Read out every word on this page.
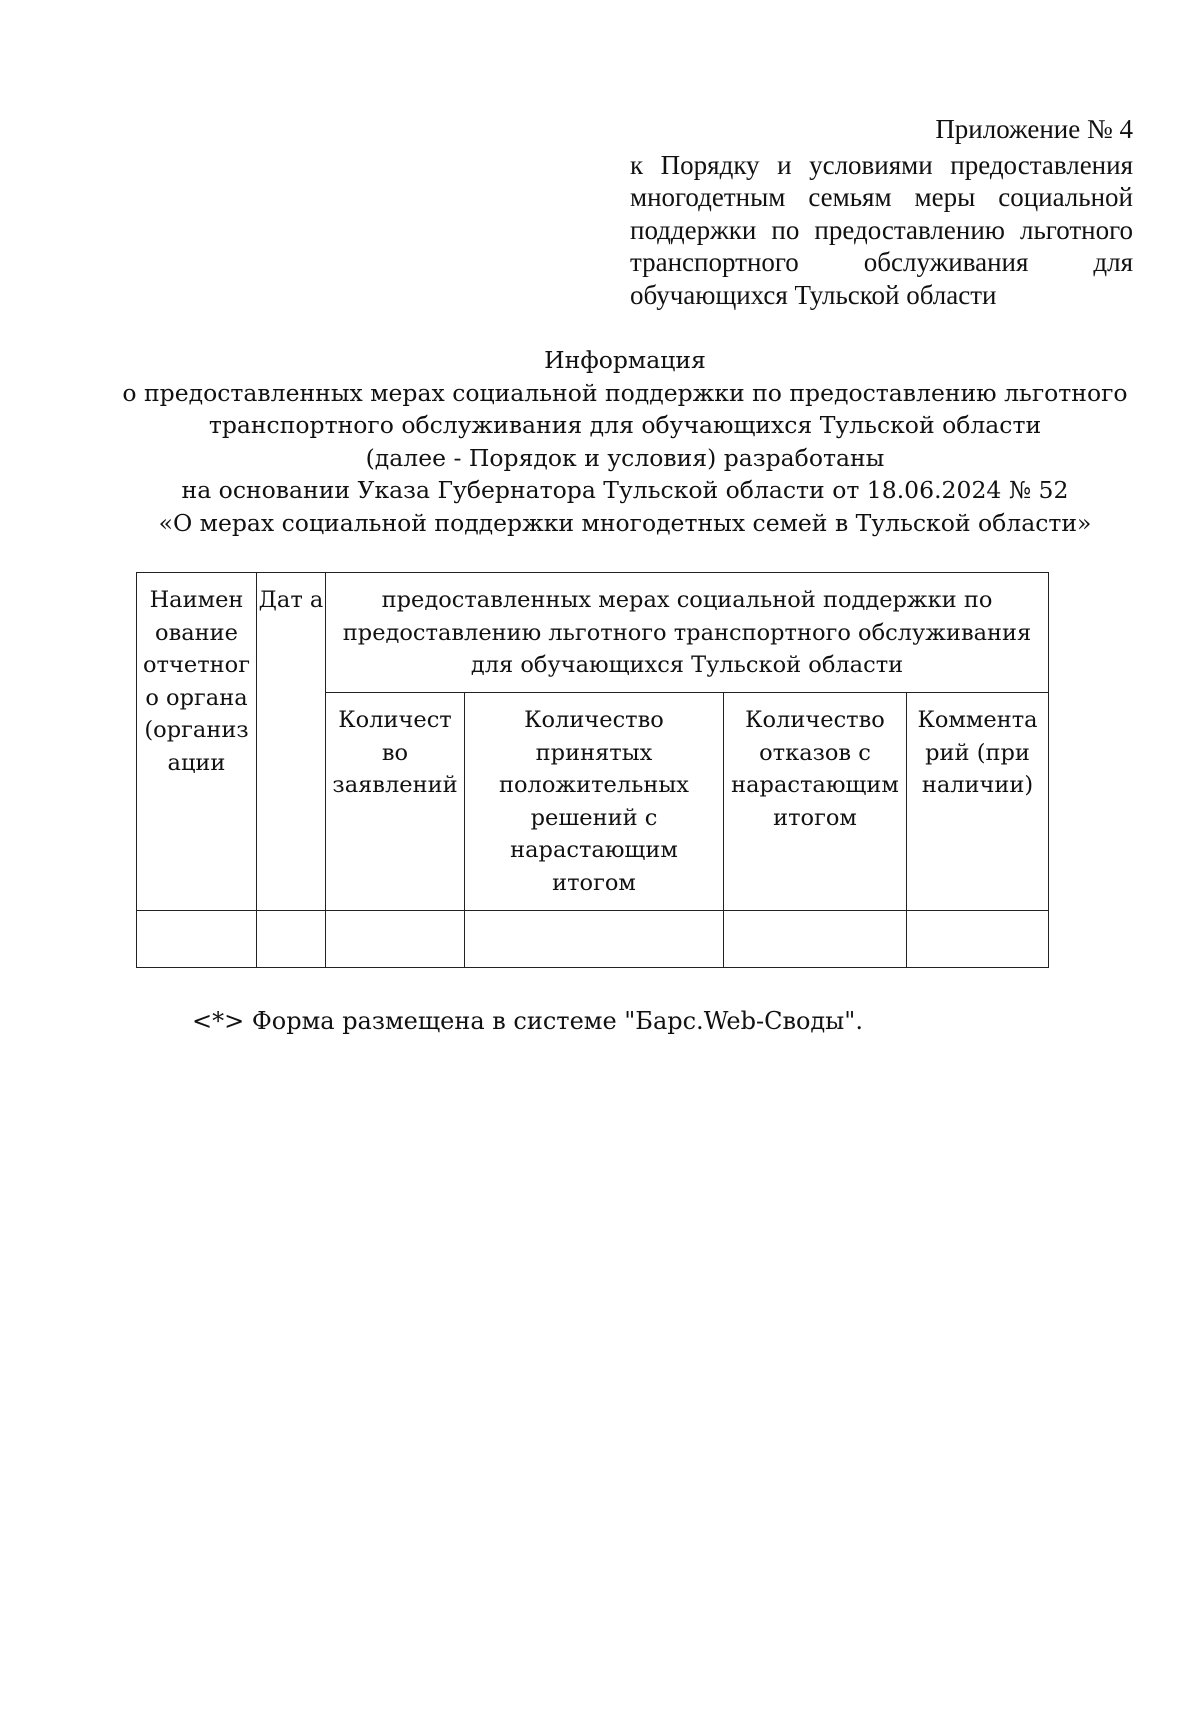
Приложение № 4
к Порядку и условиями предоставления многодетным семьям меры социальной поддержки по предоставлению льготного транспортного обслуживания для обучающихся Тульской области
Информация
о предоставленных мерах социальной поддержки по предоставлению льготного
транспортного обслуживания для обучающихся Тульской области
(далее - Порядок и условия) разработаны
на основании Указа Губернатора Тульской области от 18.06.2024 № 52
«О мерах социальной поддержки многодетных семей в Тульской области»
Наимен ование отчетног о органа (организ ации	Дат а	предоставленных мерах социальной поддержки по предоставлению льготного транспортного обслуживания для обучающихся Тульской области			
		Количест во заявлений	Количество принятых положительных решений с нарастающим итогом	Количество отказов с нарастающим итогом	Коммента рий (при наличии)

<*> Форма размещена в системе "Барс.Web-Своды".
